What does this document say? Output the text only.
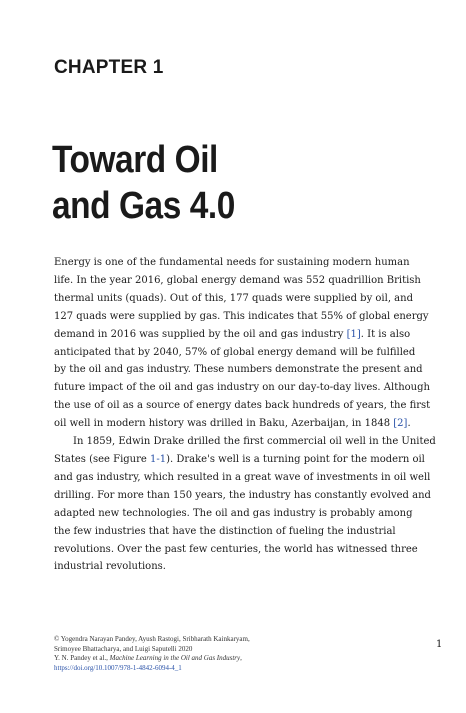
CHAPTER 1
Toward Oil
and Gas 4.0

Energy is one of the fundamental needs for sustaining modern human
life. In the year 2016, global energy demand was 552 quadrillion British
thermal units (quads). Out of this, 177 quads were supplied by oil, and
127 quads were supplied by gas. This indicates that 55% of global energy
demand in 2016 was supplied by the oil and gas industry [1]. It is also
anticipated that by 2040, 57% of global energy demand will be fulfilled
by the oil and gas industry. These numbers demonstrate the present and
future impact of the oil and gas industry on our day-to-day lives. Although
the use of oil as a source of energy dates back hundreds of years, the first
oil well in modern history was drilled in Baku, Azerbaijan, in 1848 [2].

In 1859, Edwin Drake drilled the first commercial oil well in the United
States (see Figure 1-1). Drake's well is a turning point for the modern oil
and gas industry, which resulted in a great wave of investments in oil well
drilling. For more than 150 years, the industry has constantly evolved and
adapted new technologies. The oil and gas industry is probably among
the few industries that have the distinction of fueling the industrial
revolutions. Over the past few centuries, the world has witnessed three
industrial revolutions.

1
© Yogendra Narayan Pandey, Ayush Rastogi, Sribharath Kainkaryam,
Srimoyee Bhattacharya, and Luigi Saputelli 2020
Y. N. Pandey et al., Machine Learning in the Oil and Gas Industry,
https://doi.org/10.1007/978-1-4842-6094-4_1
